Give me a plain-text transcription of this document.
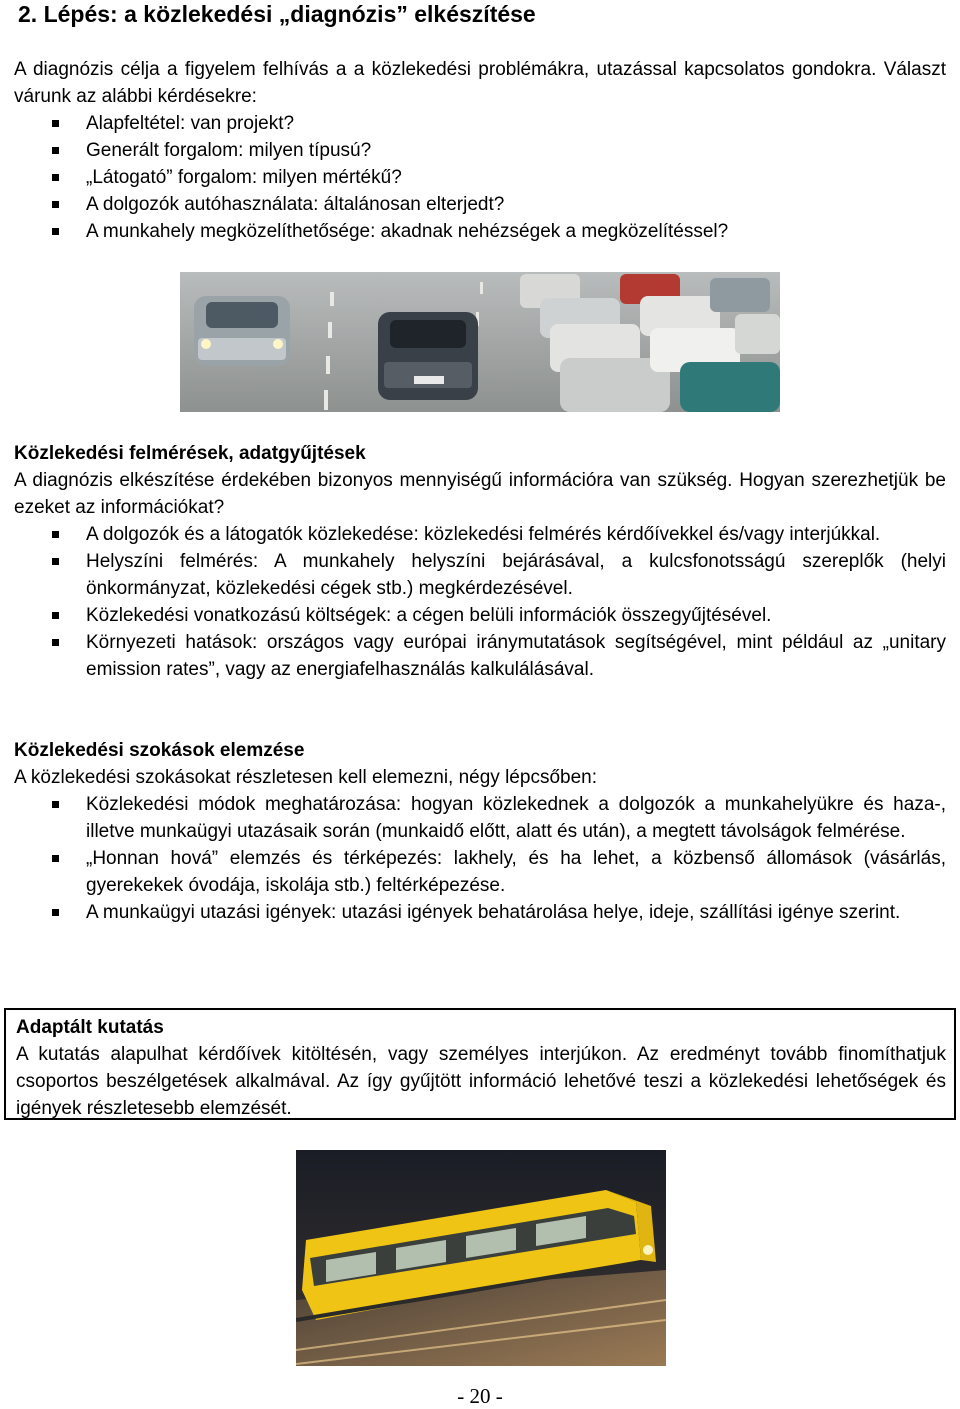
2. Lépés: a közlekedési „diagnózis” elkészítése
A diagnózis célja a figyelem felhívás a a közlekedési problémákra, utazással kapcsolatos gondokra. Választ várunk az alábbi kérdésekre:
Alapfeltétel: van projekt?
Generált forgalom: milyen típusú?
„Látogató” forgalom: milyen mértékű?
A dolgozók autóhasználata: általánosan elterjedt?
A munkahely megközelíthetősége: akadnak nehézségek a megközelítéssel?
Közlekedési felmérések, adatgyűjtések
A diagnózis elkészítése érdekében bizonyos mennyiségű információra van szükség. Hogyan szerezhetjük be ezeket az információkat?
A dolgozók és a látogatók közlekedése: közlekedési felmérés kérdőívekkel és/vagy interjúkkal.
Helyszíni felmérés: A munkahely helyszíni bejárásával, a kulcsfonotsságú szereplők (helyi önkormányzat, közlekedési cégek stb.) megkérdezésével.
Közlekedési vonatkozású költségek: a cégen belüli információk összegyűjtésével.
Környezeti hatások: országos vagy európai iránymutatások segítségével, mint például az „unitary emission rates”, vagy az energiafelhasználás kalkulálásával.
Közlekedési szokások elemzése
A közlekedési szokásokat részletesen kell elemezni, négy lépcsőben:
Közlekedési módok meghatározása: hogyan közlekednek a dolgozók a munkahelyükre és haza-, illetve munkaügyi utazásaik során (munkaidő előtt, alatt és után), a megtett távolságok felmérése.
„Honnan hová” elemzés és térképezés: lakhely, és ha lehet, a közbenső állomások (vásárlás, gyerekekek óvodája, iskolája stb.) feltérképezése.
A munkaügyi utazási igények: utazási igények behatárolása helye, ideje, szállítási igénye szerint.
Adaptált kutatás
A kutatás alapulhat kérdőívek kitöltésén, vagy személyes interjúkon. Az eredményt tovább finomíthatjuk csoportos beszélgetések alkalmával. Az így gyűjtött információ lehetővé teszi a közlekedési lehetőségek és igények részletesebb elemzését.
- 20 -
